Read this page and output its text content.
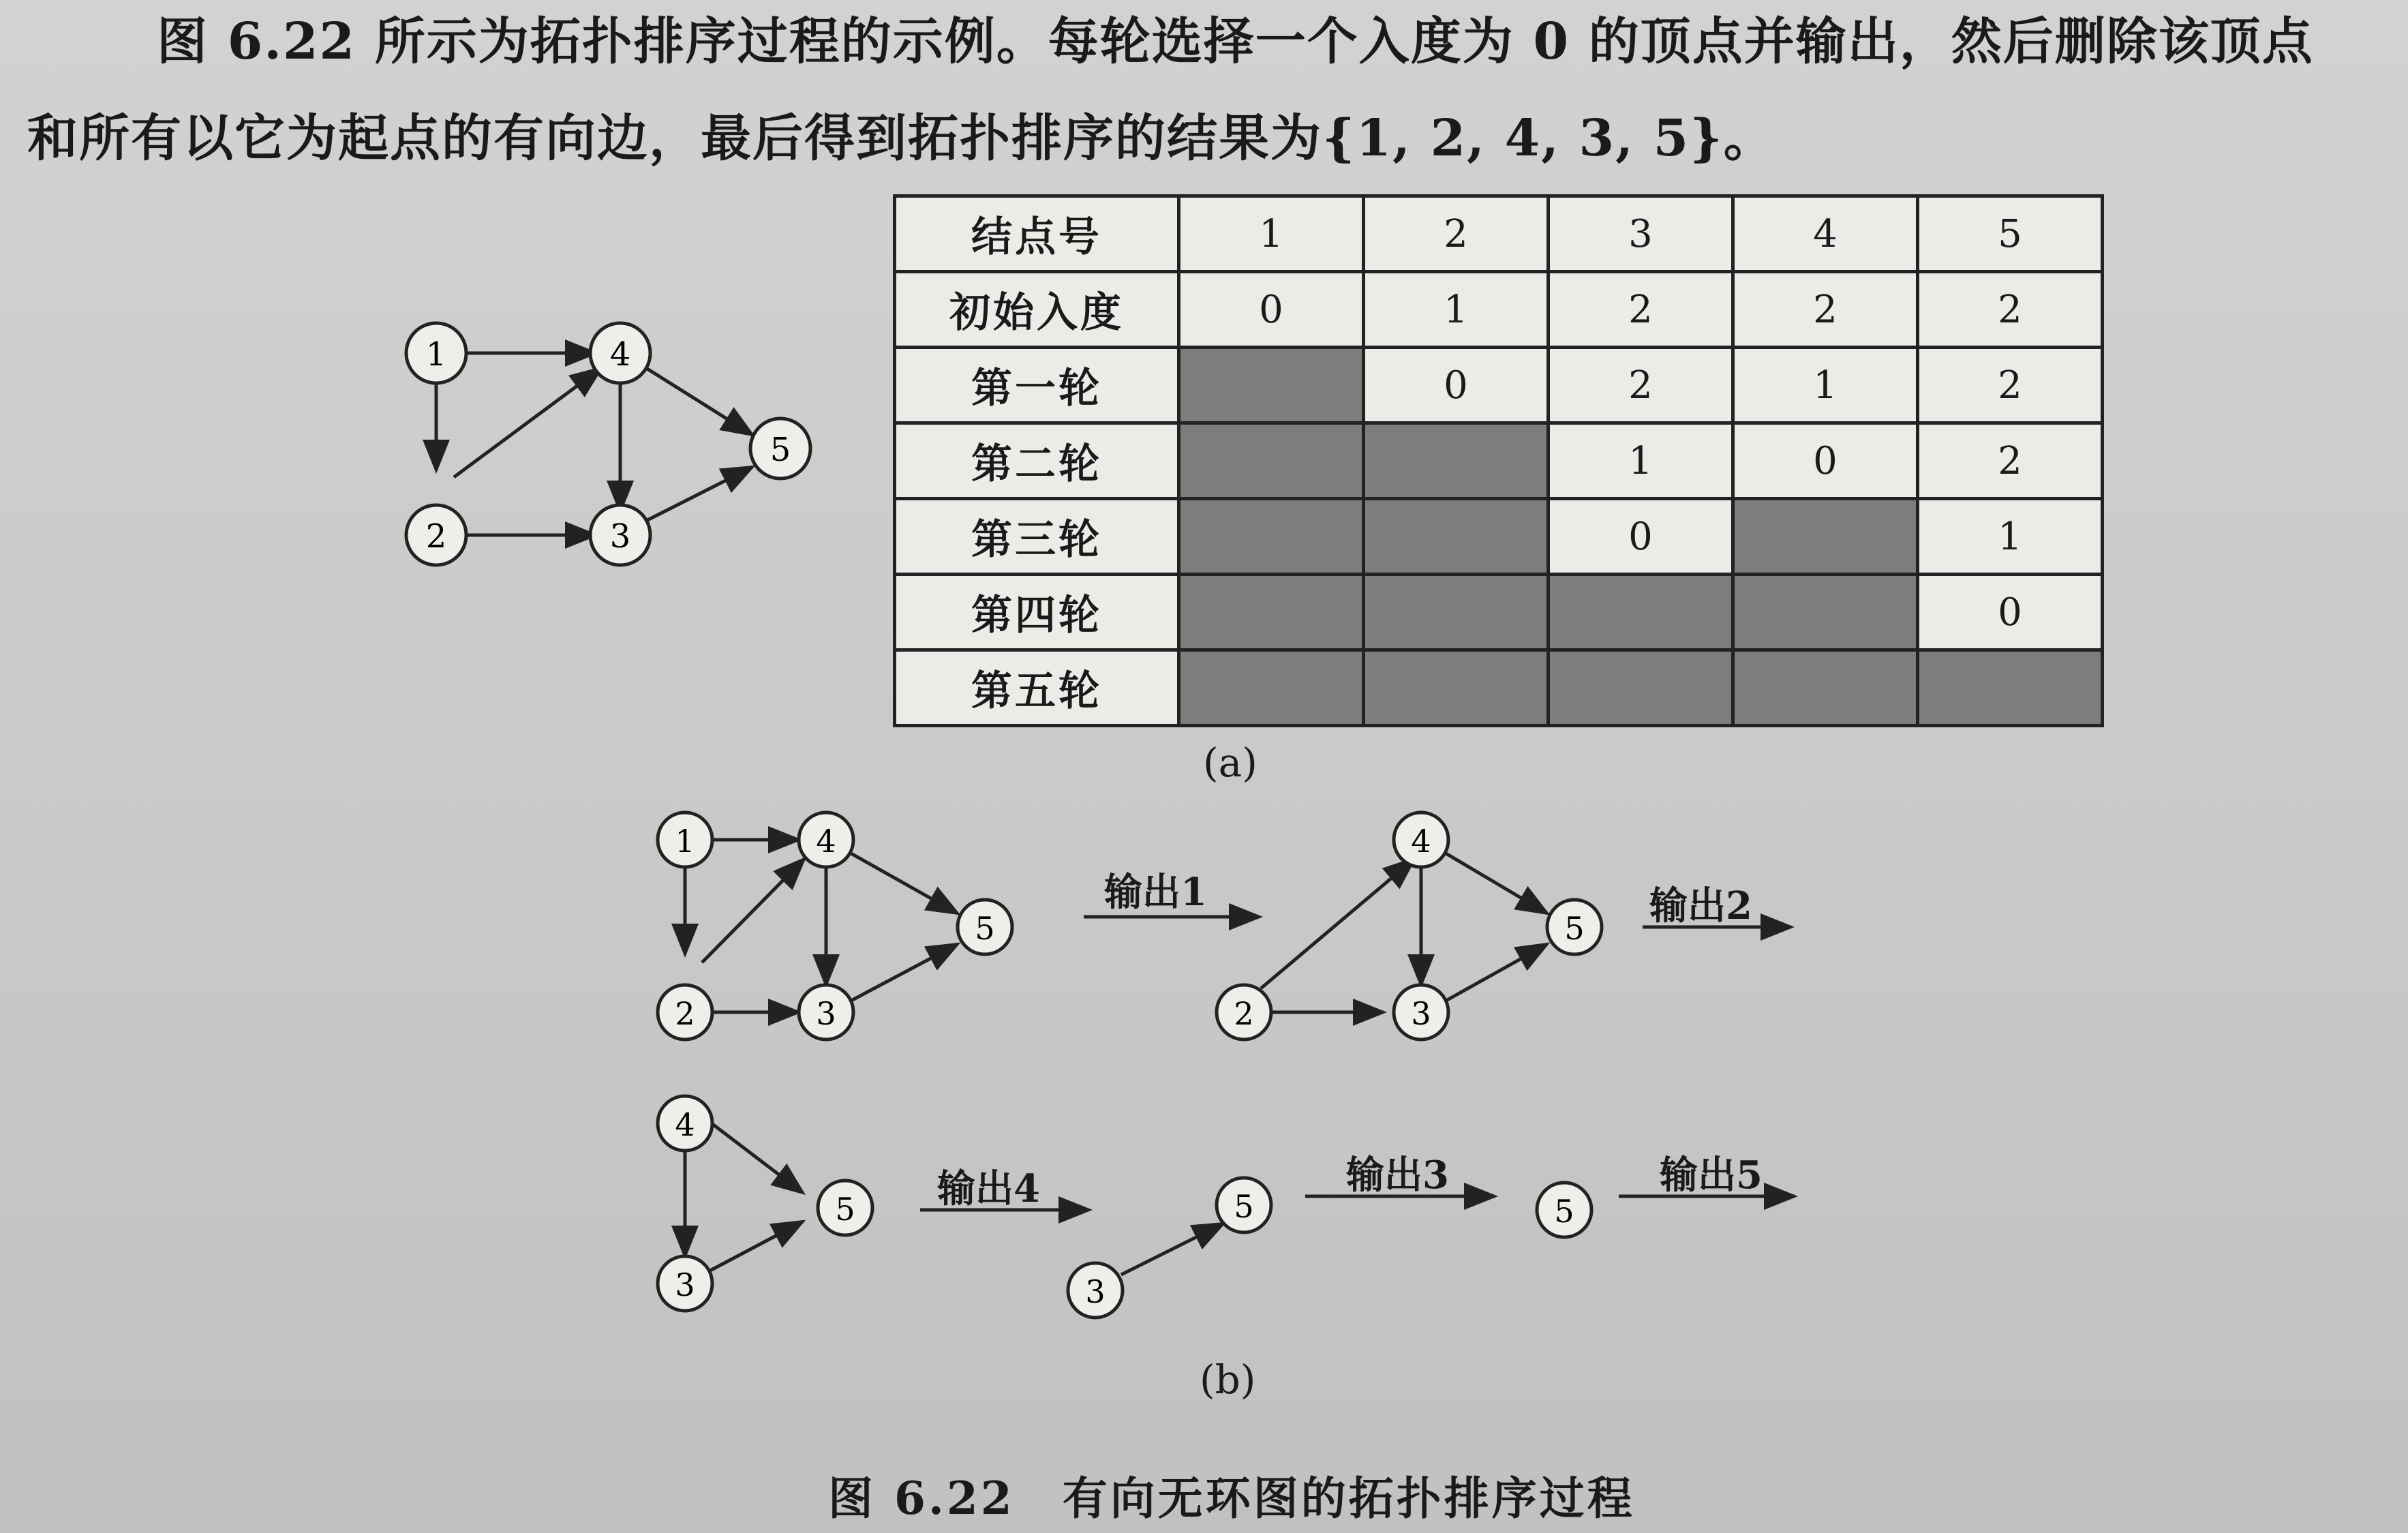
图 6.22 所示为拓扑排序过程的示例。每轮选择一个入度为 0 的顶点并输出，然后删除该顶点
和所有以它为起点的有向边，最后得到拓扑排序的结果为{1, 2, 4, 3, 5}。
1	4
5
2	3
结点号	1	2	3	4	5
初始入度	0	1	2	2	2
第一轮		0	2	1	2
第二轮			1	0	2
第三轮			0		1
第四轮					0
第五轮					
(a)
1	4
5
2	3
输出1
4
5
2	3
输出2
4
5
3
输出4	5
3
输出3
5
输出5
(b)
图 6.22 有向无环图的拓扑排序过程
